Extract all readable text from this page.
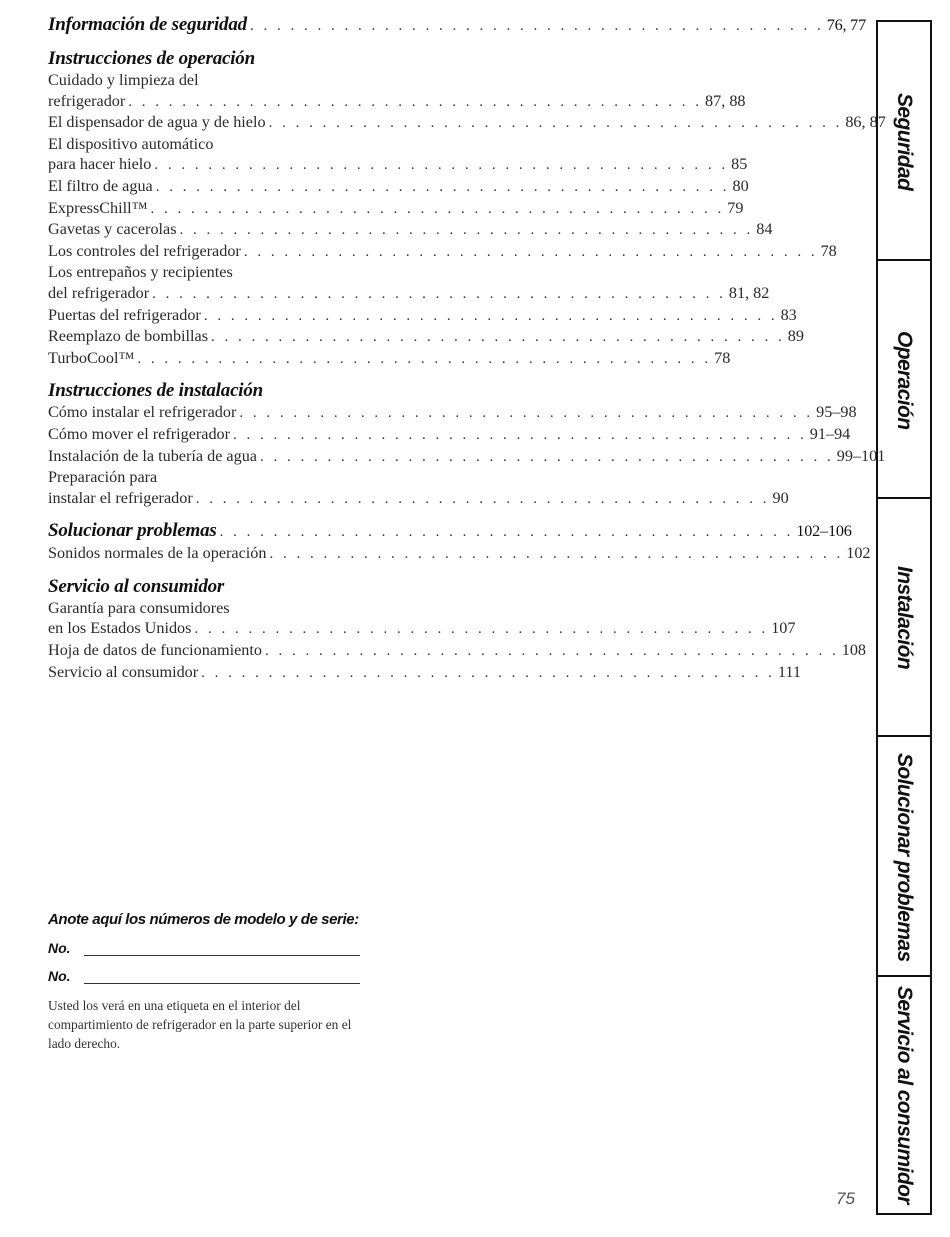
Información de seguridad . . . . . . . . . . . . . . . . . . . . . . . . . . . . . . . . . . . . . . . . . . . 76, 77
Instrucciones de operación
Cuidado y limpieza del
refrigerador . . . . . . . . . . . . . . . . . . . . . . . . . . . . . . . . . . . . . . . . . . . 87, 88
El dispensador de agua y de hielo . . . . . . . . . . . . . . . . . . . . . . . . . . . . . . . . . . . . . . . . . . . 86, 87
El dispositivo automático
para hacer hielo . . . . . . . . . . . . . . . . . . . . . . . . . . . . . . . . . . . . . . . . . . . 85
El filtro de agua . . . . . . . . . . . . . . . . . . . . . . . . . . . . . . . . . . . . . . . . . . . 80
ExpressChill™ . . . . . . . . . . . . . . . . . . . . . . . . . . . . . . . . . . . . . . . . . . . 79
Gavetas y cacerolas . . . . . . . . . . . . . . . . . . . . . . . . . . . . . . . . . . . . . . . . . . . 84
Los controles del refrigerador . . . . . . . . . . . . . . . . . . . . . . . . . . . . . . . . . . . . . . . . . . . 78
Los entrepaños y recipientes
del refrigerador . . . . . . . . . . . . . . . . . . . . . . . . . . . . . . . . . . . . . . . . . . . 81, 82
Puertas del refrigerador . . . . . . . . . . . . . . . . . . . . . . . . . . . . . . . . . . . . . . . . . . . 83
Reemplazo de bombillas . . . . . . . . . . . . . . . . . . . . . . . . . . . . . . . . . . . . . . . . . . . 89
TurboCool™ . . . . . . . . . . . . . . . . . . . . . . . . . . . . . . . . . . . . . . . . . . . 78
Instrucciones de instalación
Cómo instalar el refrigerador . . . . . . . . . . . . . . . . . . . . . . . . . . . . . . . . . . . . . . . . . . . 95–98
Cómo mover el refrigerador . . . . . . . . . . . . . . . . . . . . . . . . . . . . . . . . . . . . . . . . . . . 91–94
Instalación de la tubería de agua . . . . . . . . . . . . . . . . . . . . . . . . . . . . . . . . . . . . . . . . . . . 99–101
Preparación para
instalar el refrigerador . . . . . . . . . . . . . . . . . . . . . . . . . . . . . . . . . . . . . . . . . . . 90
Solucionar problemas . . . . . . . . . . . . . . . . . . . . . . . . . . . . . . . . . . . . . . . . . . . 102–106
Sonidos normales de la operación . . . . . . . . . . . . . . . . . . . . . . . . . . . . . . . . . . . . . . . . . . . 102
Servicio al consumidor
Garantía para consumidores
en los Estados Unidos . . . . . . . . . . . . . . . . . . . . . . . . . . . . . . . . . . . . . . . . . . . 107
Hoja de datos de funcionamiento . . . . . . . . . . . . . . . . . . . . . . . . . . . . . . . . . . . . . . . . . . . 108
Servicio al consumidor . . . . . . . . . . . . . . . . . . . . . . . . . . . . . . . . . . . . . . . . . . . 111
Anote aquí los números de modelo y de serie:
No.
No.
Usted los verá en una etiqueta en el interior del compartimiento de refrigerador en la parte superior en el lado derecho.
75
Seguridad
Operación
Instalación
Solucionar problemas
Servicio al consumidor
